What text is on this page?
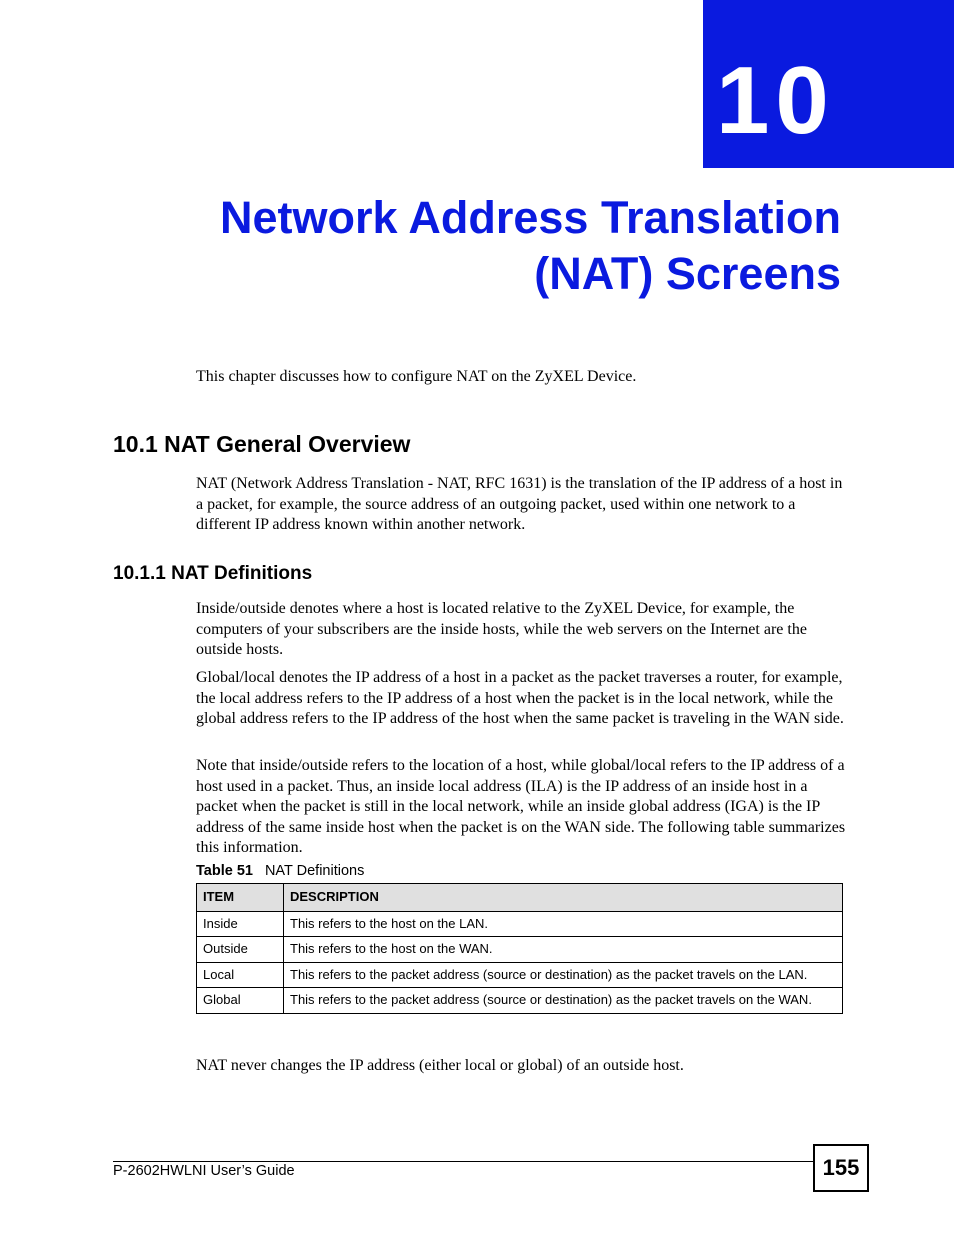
10
Network Address Translation
(NAT) Screens
This chapter discusses how to configure NAT on the ZyXEL Device.
10.1 NAT General Overview
NAT (Network Address Translation - NAT, RFC 1631) is the translation of the IP address of a host in a packet, for example, the source address of an outgoing packet, used within one network to a different IP address known within another network.
10.1.1 NAT Definitions
Inside/outside denotes where a host is located relative to the ZyXEL Device, for example, the computers of your subscribers are the inside hosts, while the web servers on the Internet are the outside hosts.
Global/local denotes the IP address of a host in a packet as the packet traverses a router, for example, the local address refers to the IP address of a host when the packet is in the local network, while the global address refers to the IP address of the host when the same packet is traveling in the WAN side.
Note that inside/outside refers to the location of a host, while global/local refers to the IP address of a host used in a packet. Thus, an inside local address (ILA) is the IP address of an inside host in a packet when the packet is still in the local network, while an inside global address (IGA) is the IP address of the same inside host when the packet is on the WAN side. The following table summarizes this information.
Table 51 NAT Definitions
ITEM	DESCRIPTION
Inside	This refers to the host on the LAN.
Outside	This refers to the host on the WAN.
Local	This refers to the packet address (source or destination) as the packet travels on the LAN.
Global	This refers to the packet address (source or destination) as the packet travels on the WAN.
NAT never changes the IP address (either local or global) of an outside host.
P-2602HWLNI User’s Guide	155
